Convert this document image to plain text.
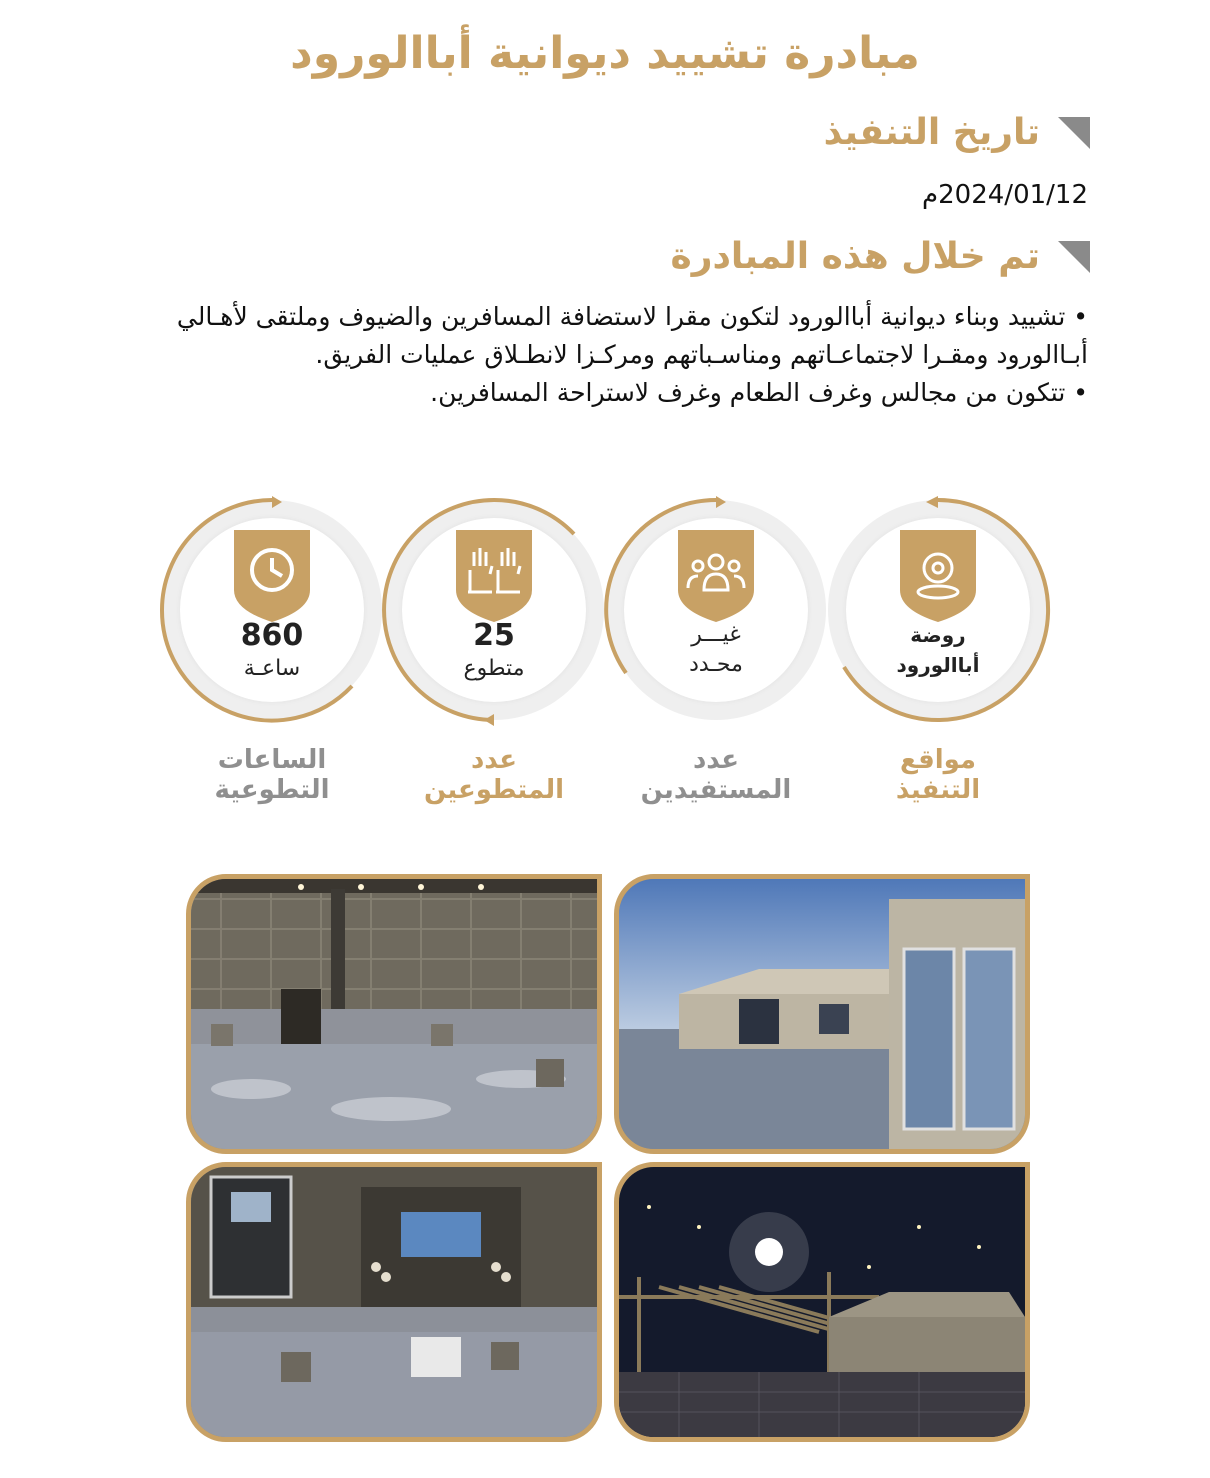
مبادرة تشييد ديوانية أباالورود
تاريخ التنفيذ
2024/01/12م
تم خلال هذه المبادرة
• تشييد وبناء ديوانية أباالورود لتكون مقرا لاستضافة المسافرين والضيوف وملتقى لأهـالي أبـاالورود ومقـرا لاجتماعـاتهم ومناسـباتهم ومركـزا لانطـلاق عمليات الفريق.
• تتكون من مجالس وغرف الطعام وغرف لاستراحة المسافرين.
روضة
أباالورود
مواقع
التنفيذ
غيـــر
محـدد
عدد
المستفيدين
25
متطوع
عدد
المتطوعين
860
ساعـة
الساعات
التطوعية
